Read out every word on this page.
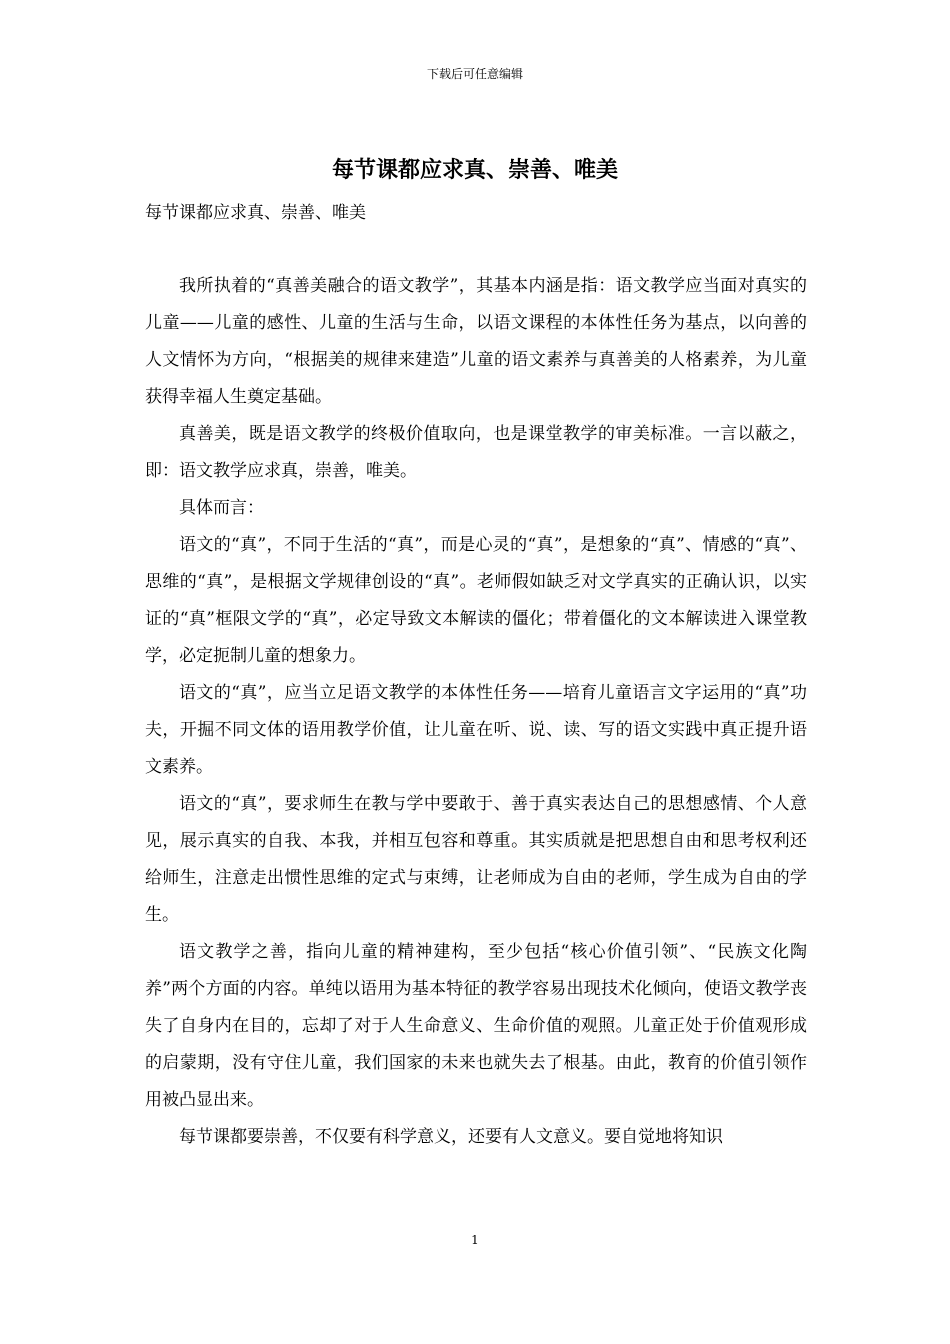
下载后可任意编辑
每节课都应求真、崇善、唯美
每节课都应求真、崇善、唯美

我所执着的“真善美融合的语文教学”，其基本内涵是指：语文教学应当面对真实的儿童——儿童的感性、儿童的生活与生命，以语文课程的本体性任务为基点，以向善的人文情怀为方向，“根据美的规律来建造”儿童的语文素养与真善美的人格素养，为儿童获得幸福人生奠定基础。

真善美，既是语文教学的终极价值取向，也是课堂教学的审美标准。一言以蔽之，即：语文教学应求真，崇善，唯美。

具体而言：

语文的“真”，不同于生活的“真”，而是心灵的“真”，是想象的“真”、情感的“真”、思维的“真”，是根据文学规律创设的“真”。老师假如缺乏对文学真实的正确认识，以实证的“真”框限文学的“真”，必定导致文本解读的僵化；带着僵化的文本解读进入课堂教学，必定扼制儿童的想象力。

语文的“真”，应当立足语文教学的本体性任务——培育儿童语言文字运用的“真”功夫，开掘不同文体的语用教学价值，让儿童在听、说、读、写的语文实践中真正提升语文素养。

语文的“真”，要求师生在教与学中要敢于、善于真实表达自己的思想感情、个人意见，展示真实的自我、本我，并相互包容和尊重。其实质就是把思想自由和思考权利还给师生，注意走出惯性思维的定式与束缚，让老师成为自由的老师，学生成为自由的学生。

语文教学之善，指向儿童的精神建构，至少包括“核心价值引领”、“民族文化陶养”两个方面的内容。单纯以语用为基本特征的教学容易出现技术化倾向，使语文教学丧失了自身内在目的，忘却了对于人生命意义、生命价值的观照。儿童正处于价值观形成的启蒙期，没有守住儿童，我们国家的未来也就失去了根基。由此，教育的价值引领作用被凸显出来。

每节课都要崇善，不仅要有科学意义，还要有人文意义。要自觉地将知识

1
